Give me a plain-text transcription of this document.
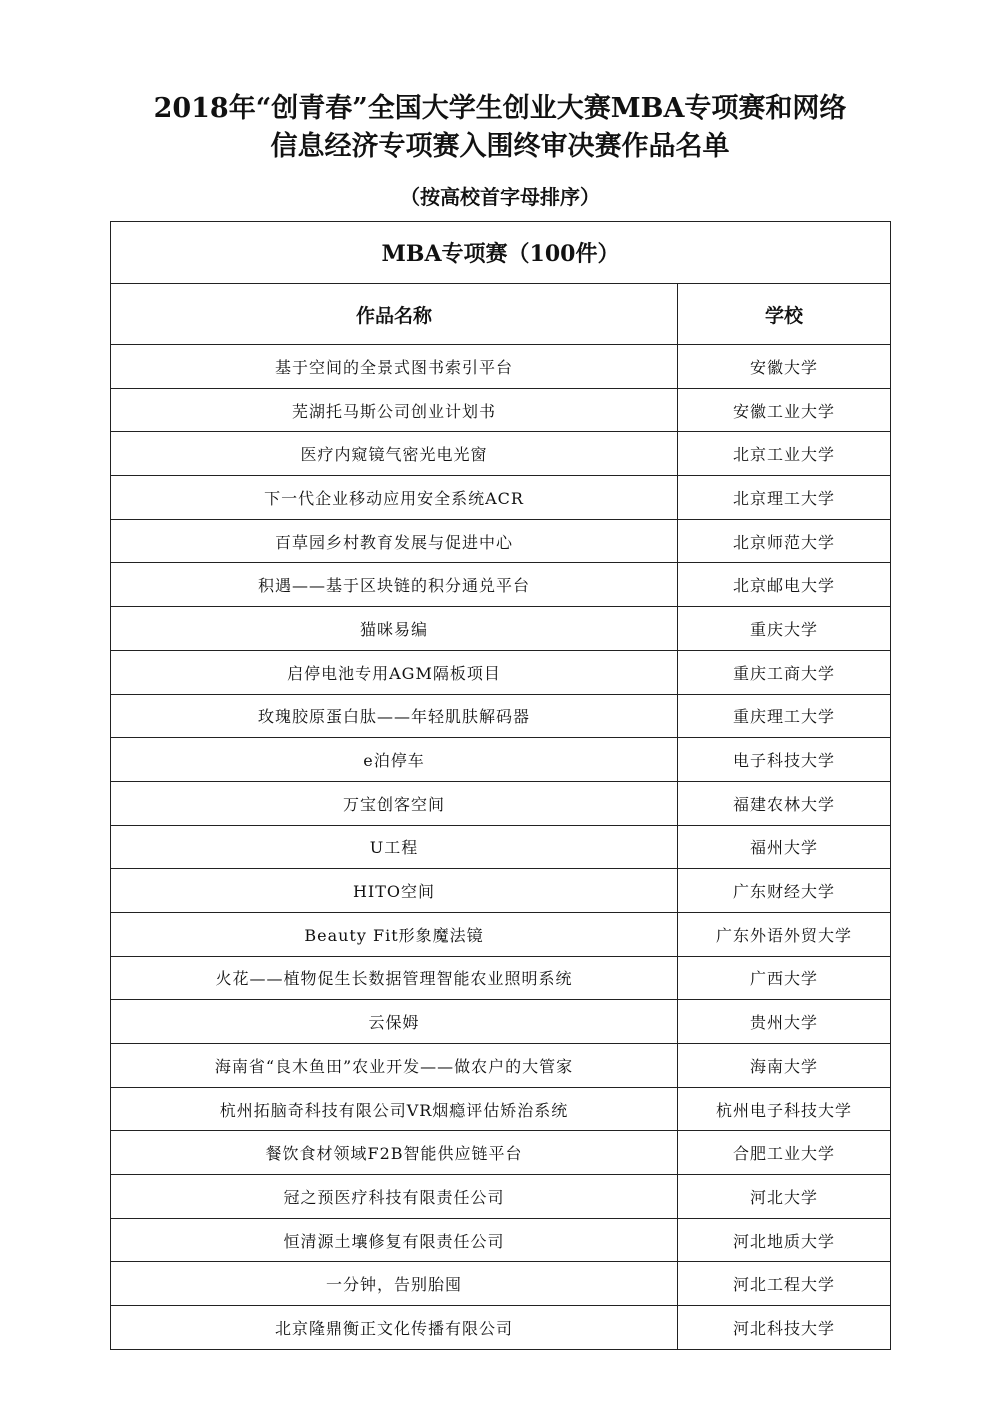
2018年“创青春”全国大学生创业大赛MBA专项赛和网络
信息经济专项赛入围终审决赛作品名单

（按高校首字母排序）

MBA专项赛（100件）	
作品名称	学校
基于空间的全景式图书索引平台	安徽大学
芜湖托马斯公司创业计划书	安徽工业大学
医疗内窥镜气密光电光窗	北京工业大学
下一代企业移动应用安全系统ACR	北京理工大学
百草园乡村教育发展与促进中心	北京师范大学
积遇——基于区块链的积分通兑平台	北京邮电大学
猫咪易编	重庆大学
启停电池专用AGM隔板项目	重庆工商大学
玫瑰胶原蛋白肽——年轻肌肤解码器	重庆理工大学
e泊停车	电子科技大学
万宝创客空间	福建农林大学
U工程	福州大学
HITO空间	广东财经大学
Beauty Fit形象魔法镜	广东外语外贸大学
火花——植物促生长数据管理智能农业照明系统	广西大学
云保姆	贵州大学
海南省“良木鱼田”农业开发——做农户的大管家	海南大学
杭州拓脑奇科技有限公司VR烟瘾评估矫治系统	杭州电子科技大学
餐饮食材领域F2B智能供应链平台	合肥工业大学
冠之预医疗科技有限责任公司	河北大学
恒清源土壤修复有限责任公司	河北地质大学
一分钟，告别胎囤	河北工程大学
北京隆鼎衡正文化传播有限公司	河北科技大学
